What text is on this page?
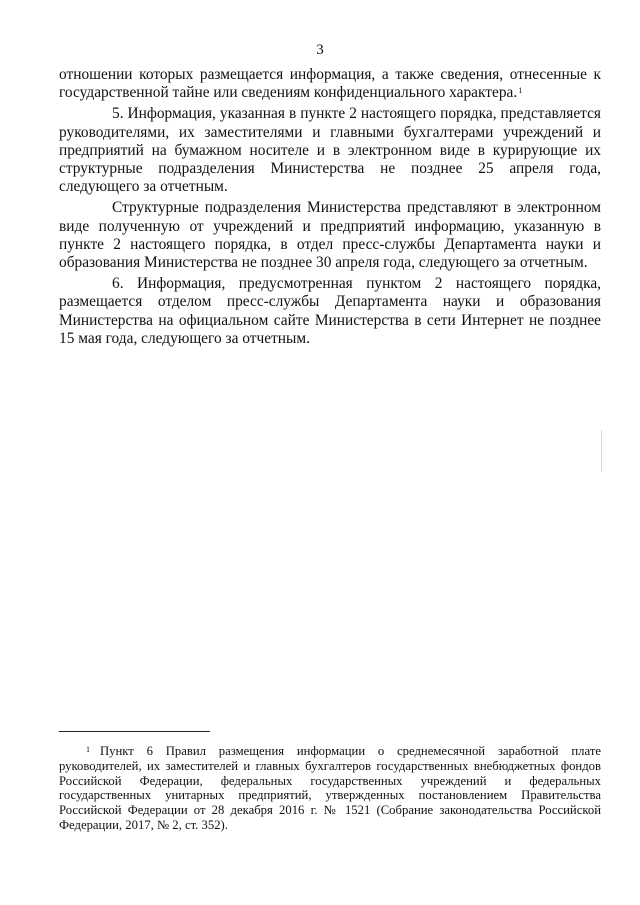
3

отношении которых размещается информация, а также сведения, отнесенные к государственной тайне или сведениям конфиденциального характера.$^1$

5. Информация, указанная в пункте 2 настоящего порядка, представляется руководителями, их заместителями и главными бухгалтерами учреждений и предприятий на бумажном носителе и в электронном виде в курирующие их структурные подразделения Министерства не позднее 25 апреля года, следующего за отчетным.

Структурные подразделения Министерства представляют в электронном виде полученную от учреждений и предприятий информацию, указанную в пункте 2 настоящего порядка, в отдел пресс-службы Департамента науки и образования Министерства не позднее 30 апреля года, следующего за отчетным.

6. Информация, предусмотренная пунктом 2 настоящего порядка, размещается отделом пресс-службы Департамента науки и образования Министерства на официальном сайте Министерства в сети Интернет не позднее 15 мая года, следующего за отчетным.

$^1$ Пункт 6 Правил размещения информации о среднемесячной заработной плате руководителей, их заместителей и главных бухгалтеров государственных внебюджетных фондов Российской Федерации, федеральных государственных учреждений и федеральных государственных унитарных предприятий, утвержденных постановлением Правительства Российской Федерации от 28 декабря 2016 г. № 1521 (Собрание законодательства Российской Федерации, 2017, № 2, ст. 352).
